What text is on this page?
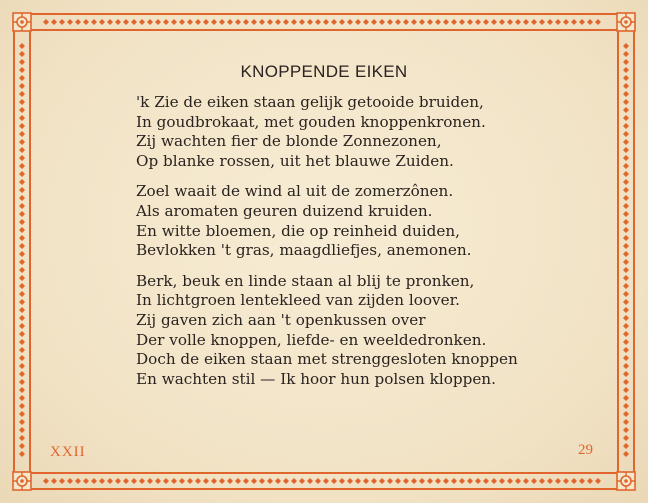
KNOPPENDE EIKEN
'k Zie de eiken staan gelijk getooide bruiden,
In goudbrokaat, met gouden knoppenkronen.
Zij wachten fier de blonde Zonnezonen,
Op blanke rossen, uit het blauwe Zuiden.
Zoel waait de wind al uit de zomerzônen.
Als aromaten geuren duizend kruiden.
En witte bloemen, die op reinheid duiden,
Bevlokken 't gras, maagdliefjes, anemonen.
Berk, beuk en linde staan al blij te pronken,
In lichtgroen lentekleed van zijden loover.
Zij gaven zich aan 't openkussen over
Der volle knoppen, liefde- en weeldedronken.
Doch de eiken staan met strenggesloten knoppen
En wachten stil — Ik hoor hun polsen kloppen.
XXII	29
